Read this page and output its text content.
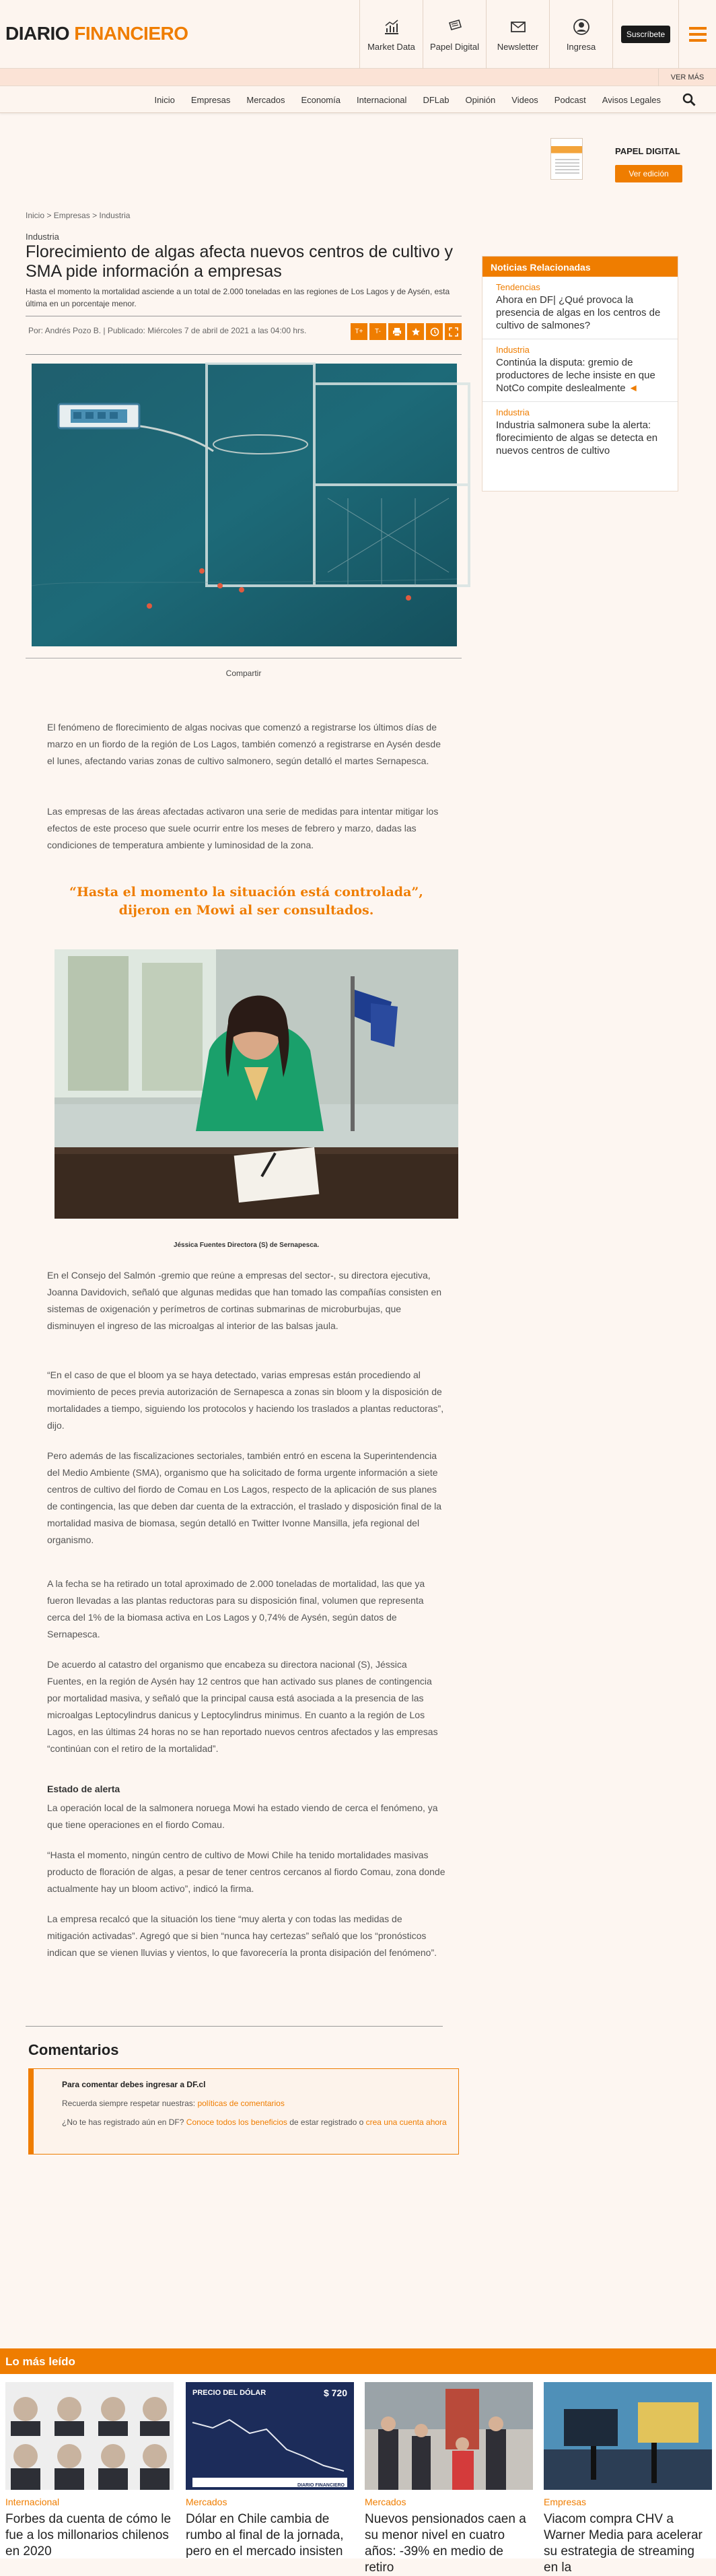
DIARIO FINANCIERO
Market Data Papel Digital Newsletter	Ingresa
Suscríbete
VER MÁS
Inicio	Empresas	Mercados	Economía	Internacional	DFLab	Opinión	Videos	Podcast	Avisos Legales
PAPEL DIGITAL
Ver edición
Inicio > Empresas > Industria
Industria
Florecimiento de algas afecta nuevos centros de cultivo y SMA pide información a empresas

Hasta el momento la mortalidad asciende a un total de 2.000 toneladas en las regiones de Los Lagos y de Aysén, esta última en un porcentaje menor.

Por: Andrés Pozo B. | Publicado: Miércoles 7 de abril de 2021 a las 04:00 hrs.	T+	T-
Compartir

El fenómeno de florecimiento de algas nocivas que comenzó a registrarse los últimos días de marzo en un fiordo de la región de Los Lagos, también comenzó a registrarse en Aysén desde el lunes, afectando varias zonas de cultivo salmonero, según detalló el martes Sernapesca.

Las empresas de las áreas afectadas activaron una serie de medidas para intentar mitigar los efectos de este proceso que suele ocurrir entre los meses de febrero y marzo, dadas las condiciones de temperatura ambiente y luminosidad de la zona.

“Hasta el momento la situación está controlada”, dijeron en Mowi al ser consultados.
Jéssica Fuentes Directora (S) de Sernapesca.

En el Consejo del Salmón -gremio que reúne a empresas del sector-, su directora ejecutiva, Joanna Davidovich, señaló que algunas medidas que han tomado las compañías consisten en sistemas de oxigenación y perímetros de cortinas submarinas de microburbujas, que disminuyen el ingreso de las microalgas al interior de las balsas jaula.

“En el caso de que el bloom ya se haya detectado, varias empresas están procediendo al movimiento de peces previa autorización de Sernapesca a zonas sin bloom y la disposición de mortalidades a tiempo, siguiendo los protocolos y haciendo los traslados a plantas reductoras”, dijo.

Pero además de las fiscalizaciones sectoriales, también entró en escena la Superintendencia del Medio Ambiente (SMA), organismo que ha solicitado de forma urgente información a siete centros de cultivo del fiordo de Comau en Los Lagos, respecto de la aplicación de sus planes de contingencia, las que deben dar cuenta de la extracción, el traslado y disposición final de la mortalidad masiva de biomasa, según detalló en Twitter Ivonne Mansilla, jefa regional del organismo.

A la fecha se ha retirado un total aproximado de 2.000 toneladas de mortalidad, las que ya fueron llevadas a las plantas reductoras para su disposición final, volumen que representa cerca del 1% de la biomasa activa en Los Lagos y 0,74% de Aysén, según datos de Sernapesca.

De acuerdo al catastro del organismo que encabeza su directora nacional (S), Jéssica Fuentes, en la región de Aysén hay 12 centros que han activado sus planes de contingencia por mortalidad masiva, y señaló que la principal causa está asociada a la presencia de las microalgas Leptocylindrus danicus y Leptocylindrus minimus. En cuanto a la región de Los Lagos, en las últimas 24 horas no se han reportado nuevos centros afectados y las empresas “continúan con el retiro de la mortalidad”.

Estado de alerta

La operación local de la salmonera noruega Mowi ha estado viendo de cerca el fenómeno, ya que tiene operaciones en el fiordo Comau.

“Hasta el momento, ningún centro de cultivo de Mowi Chile ha tenido mortalidades masivas producto de floración de algas, a pesar de tener centros cercanos al fiordo Comau, zona donde actualmente hay un bloom activo”, indicó la firma.

La empresa recalcó que la situación los tiene “muy alerta y con todas las medidas de mitigación activadas”. Agregó que si bien “nunca hay certezas” señaló que los “pronósticos indican que se vienen lluvias y vientos, lo que favorecería la pronta disipación del fenómeno”.

Comentarios
Para comentar debes ingresar a DF.cl
Recuerda siempre respetar nuestras: políticas de comentarios
¿No te has registrado aún en DF? Conoce todos los beneficios de estar registrado o crea una cuenta ahora
Noticias Relacionadas
Tendencias
Ahora en DF| ¿Qué provoca la presencia de algas en los centros de cultivo de salmones?
Industria
Continúa la disputa: gremio de productores de leche insiste en que NotCo compite deslealmente ◄
Industria
Industria salmonera sube la alerta: florecimiento de algas se detecta en nuevos centros de cultivo
Lo más leído
Internacional
Forbes da cuenta de cómo le fue a los millonarios chilenos en 2020
PRECIO DEL DÓLAR	$ 720
DIARIO FINANCIERO
Mercados
Dólar en Chile cambia de rumbo al final de la jornada, pero en el mercado insisten
Mercados
Nuevos pensionados caen a su menor nivel en cuatro años: -39% en medio de retiro
Empresas
Viacom compra CHV a Warner Media para acelerar su estrategia de streaming en la
